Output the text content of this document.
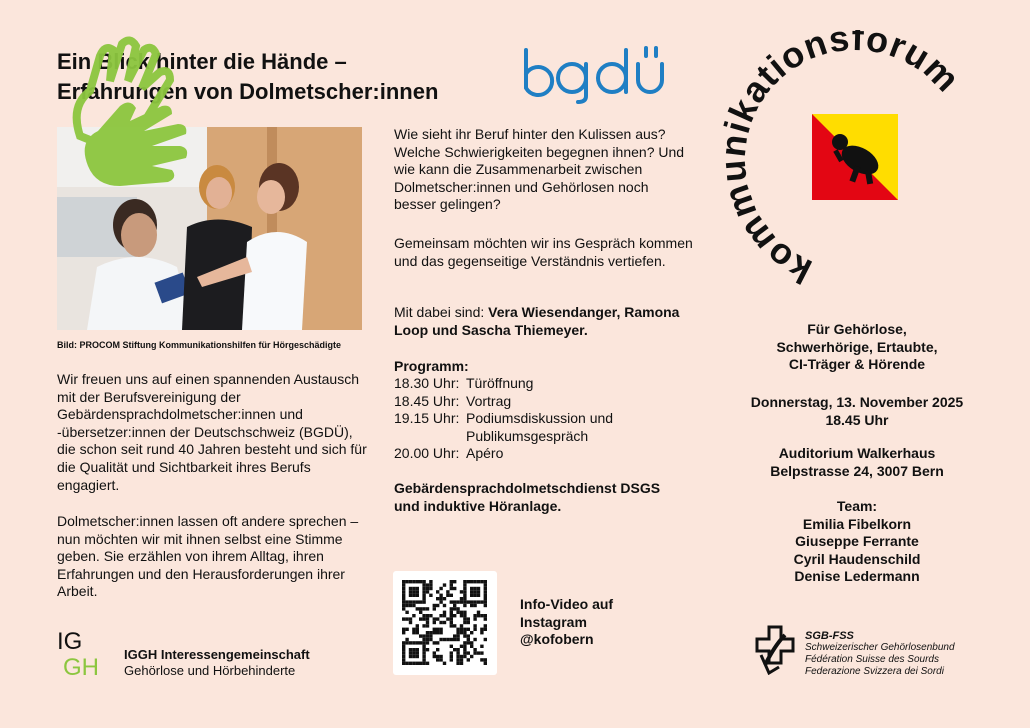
Ein Blick hinter die Hände –
Erfahrungen von Dolmetscher:innen
Bild: PROCOM Stiftung Kommunikationshilfen für Hörgeschädigte
Wir freuen uns auf einen spannenden Austausch mit der Berufsvereinigung der Gebärdensprachdolmetscher:innen und -übersetzer:innen der Deutschschweiz (BGDÜ), die schon seit rund 40 Jahren besteht und sich für die Qualität und Sichtbarkeit ihres Berufs engagiert.
Dolmetscher:innen lassen oft andere sprechen – nun möchten wir mit ihnen selbst eine Stimme geben. Sie erzählen von ihrem Alltag, ihren Erfahrungen und den Herausforderungen ihrer Arbeit.
IG
GH IGGH Interessengemeinschaft
Gehörlose und Hörbehinderte
Wie sieht ihr Beruf hinter den Kulissen aus? Welche Schwierigkeiten begegnen ihnen? Und wie kann die Zusammenarbeit zwischen Dolmetscher:innen und Gehörlosen noch besser gelingen?
Gemeinsam möchten wir ins Gespräch kommen und das gegenseitige Verständnis vertiefen.
Mit dabei sind: Vera Wiesendanger, Ramona Loop und Sascha Thiemeyer.
Programm:
18.30 Uhr: Türöffnung
18.45 Uhr: Vortrag
19.15 Uhr: Podiumsdiskussion und Publikumsgespräch
20.00 Uhr: Apéro
Gebärdensprachdolmetschdienst DSGS und induktive Höranlage.
Info-Video auf
Instagram
@kofobern
kommunikationsforum
Für Gehörlose,
Schwerhörige, Ertaubte,
CI-Träger & Hörende
Donnerstag, 13. November 2025
18.45 Uhr
Auditorium Walkerhaus
Belpstrasse 24, 3007 Bern
Team:
Emilia Fibelkorn
Giuseppe Ferrante
Cyril Haudenschild
Denise Ledermann
SGB-FSS
Schweizerischer Gehörlosenbund
Fédération Suisse des Sourds
Federazione Svizzera dei Sordi
